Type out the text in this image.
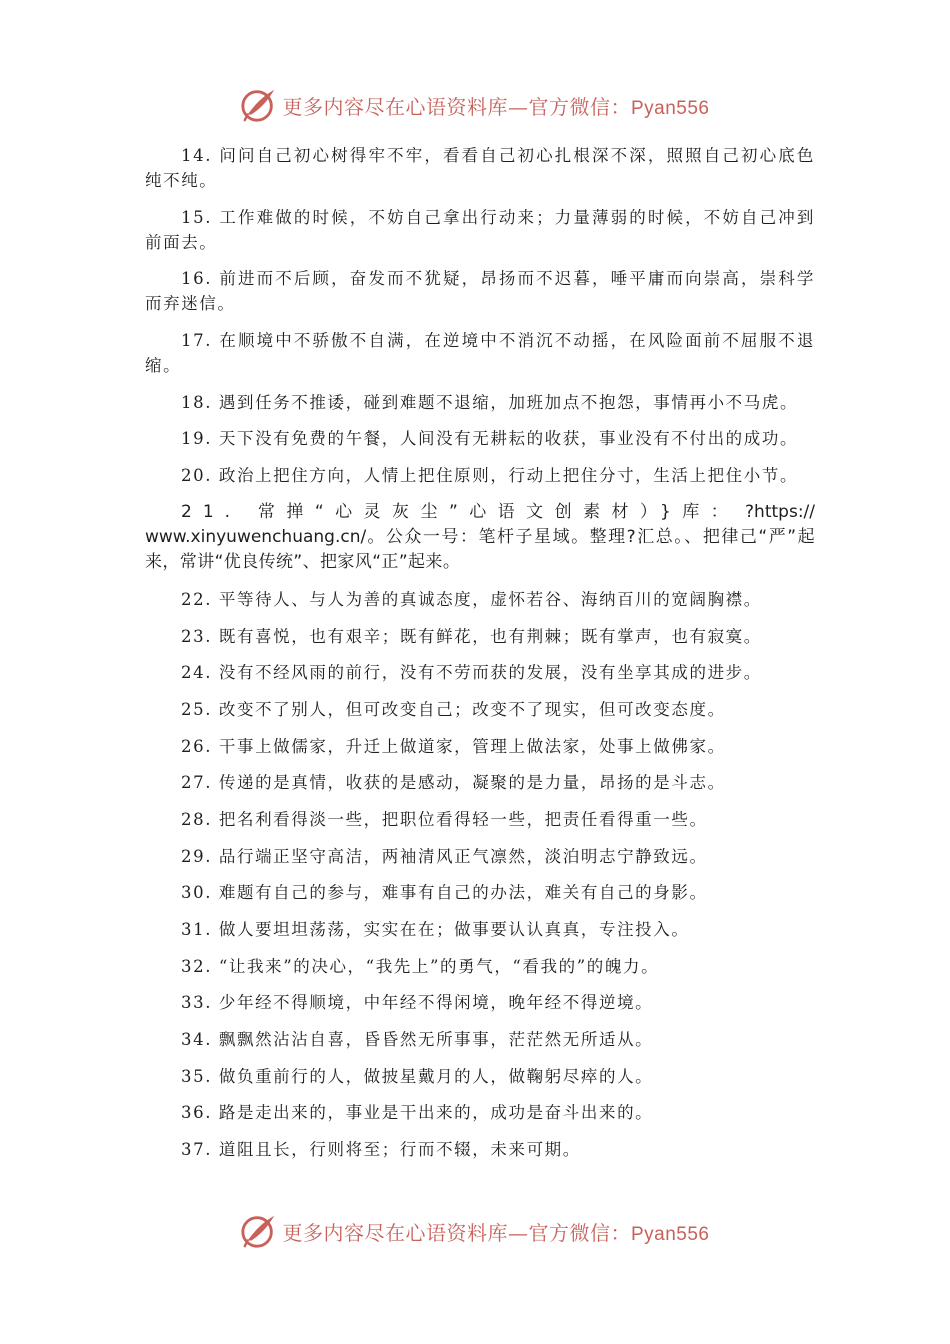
更多内容尽在心语资料库—官方微信：Pyan556

14. 问问自己初心树得牢不牢，看看自己初心扎根深不深，照照自己初心底色纯不纯。

15. 工作难做的时候，不妨自己拿出行动来；力量薄弱的时候，不妨自己冲到前面去。

16. 前进而不后顾，奋发而不犹疑，昂扬而不迟暮，唾平庸而向崇高，崇科学而弃迷信。

17. 在顺境中不骄傲不自满，在逆境中不消沉不动摇，在风险面前不屈服不退缩。

18. 遇到任务不推诿，碰到难题不退缩，加班加点不抱怨，事情再小不马虎。

19. 天下没有免费的午餐，人间没有无耕耘的收获，事业没有不付出的成功。

20. 政治上把住方向，人情上把住原则，行动上把住分寸，生活上把住小节。

21. 常掸“心灵灰尘”心语文创素材）}库： ?https://www.xinyuwenchuang.cn/。公众一号：笔杆子星域。整理?汇总。、把律己“严”起来，常讲“优良传统”、把家风“正”起来。

22. 平等待人、与人为善的真诚态度，虚怀若谷、海纳百川的宽阔胸襟。

23. 既有喜悦，也有艰辛；既有鲜花，也有荆棘；既有掌声，也有寂寞。

24. 没有不经风雨的前行，没有不劳而获的发展，没有坐享其成的进步。

25. 改变不了别人，但可改变自己；改变不了现实，但可改变态度。

26. 干事上做儒家，升迁上做道家，管理上做法家，处事上做佛家。

27. 传递的是真情，收获的是感动，凝聚的是力量，昂扬的是斗志。

28. 把名利看得淡一些，把职位看得轻一些，把责任看得重一些。

29. 品行端正坚守高洁，两袖清风正气凛然，淡泊明志宁静致远。

30. 难题有自己的参与，难事有自己的办法，难关有自己的身影。

31. 做人要坦坦荡荡，实实在在；做事要认认真真，专注投入。

32. “让我来”的决心，“我先上”的勇气，“看我的”的魄力。

33. 少年经不得顺境，中年经不得闲境，晚年经不得逆境。

34. 飘飘然沾沾自喜，昏昏然无所事事，茫茫然无所适从。

35. 做负重前行的人，做披星戴月的人，做鞠躬尽瘁的人。

36. 路是走出来的，事业是干出来的，成功是奋斗出来的。

37. 道阻且长，行则将至；行而不辍，未来可期。

更多内容尽在心语资料库—官方微信：Pyan556
